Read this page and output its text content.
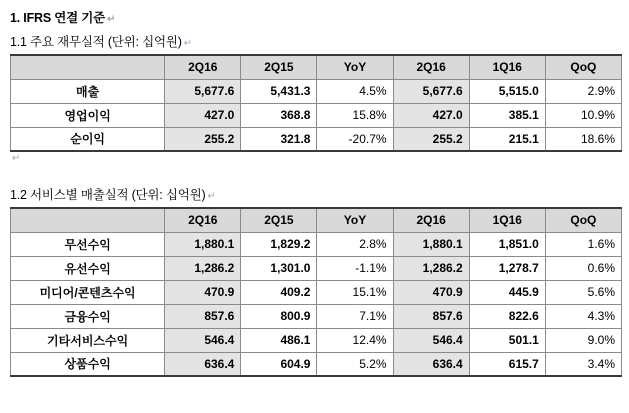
1. IFRS 연결 기준 ↵
1.1 주요 재무실적 (단위: 십억원) ↵
	2Q16	2Q15	YoY	2Q16	1Q16	QoQ
매출	5,677.6	5,431.3	4.5%	5,677.6	5,515.0	2.9%
영업이익	427.0	368.8	15.8%	427.0	385.1	10.9%
순이익	255.2	321.8	-20.7%	255.2	215.1	18.6%
↵
1.2 서비스별 매출실적 (단위: 십억원) ↵
	2Q16	2Q15	YoY	2Q16	1Q16	QoQ
무선수익	1,880.1	1,829.2	2.8%	1,880.1	1,851.0	1.6%
유선수익	1,286.2	1,301.0	-1.1%	1,286.2	1,278.7	0.6%
미디어/콘텐츠수익	470.9	409.2	15.1%	470.9	445.9	5.6%
금융수익	857.6	800.9	7.1%	857.6	822.6	4.3%
기타서비스수익	546.4	486.1	12.4%	546.4	501.1	9.0%
상품수익	636.4	604.9	5.2%	636.4	615.7	3.4%
